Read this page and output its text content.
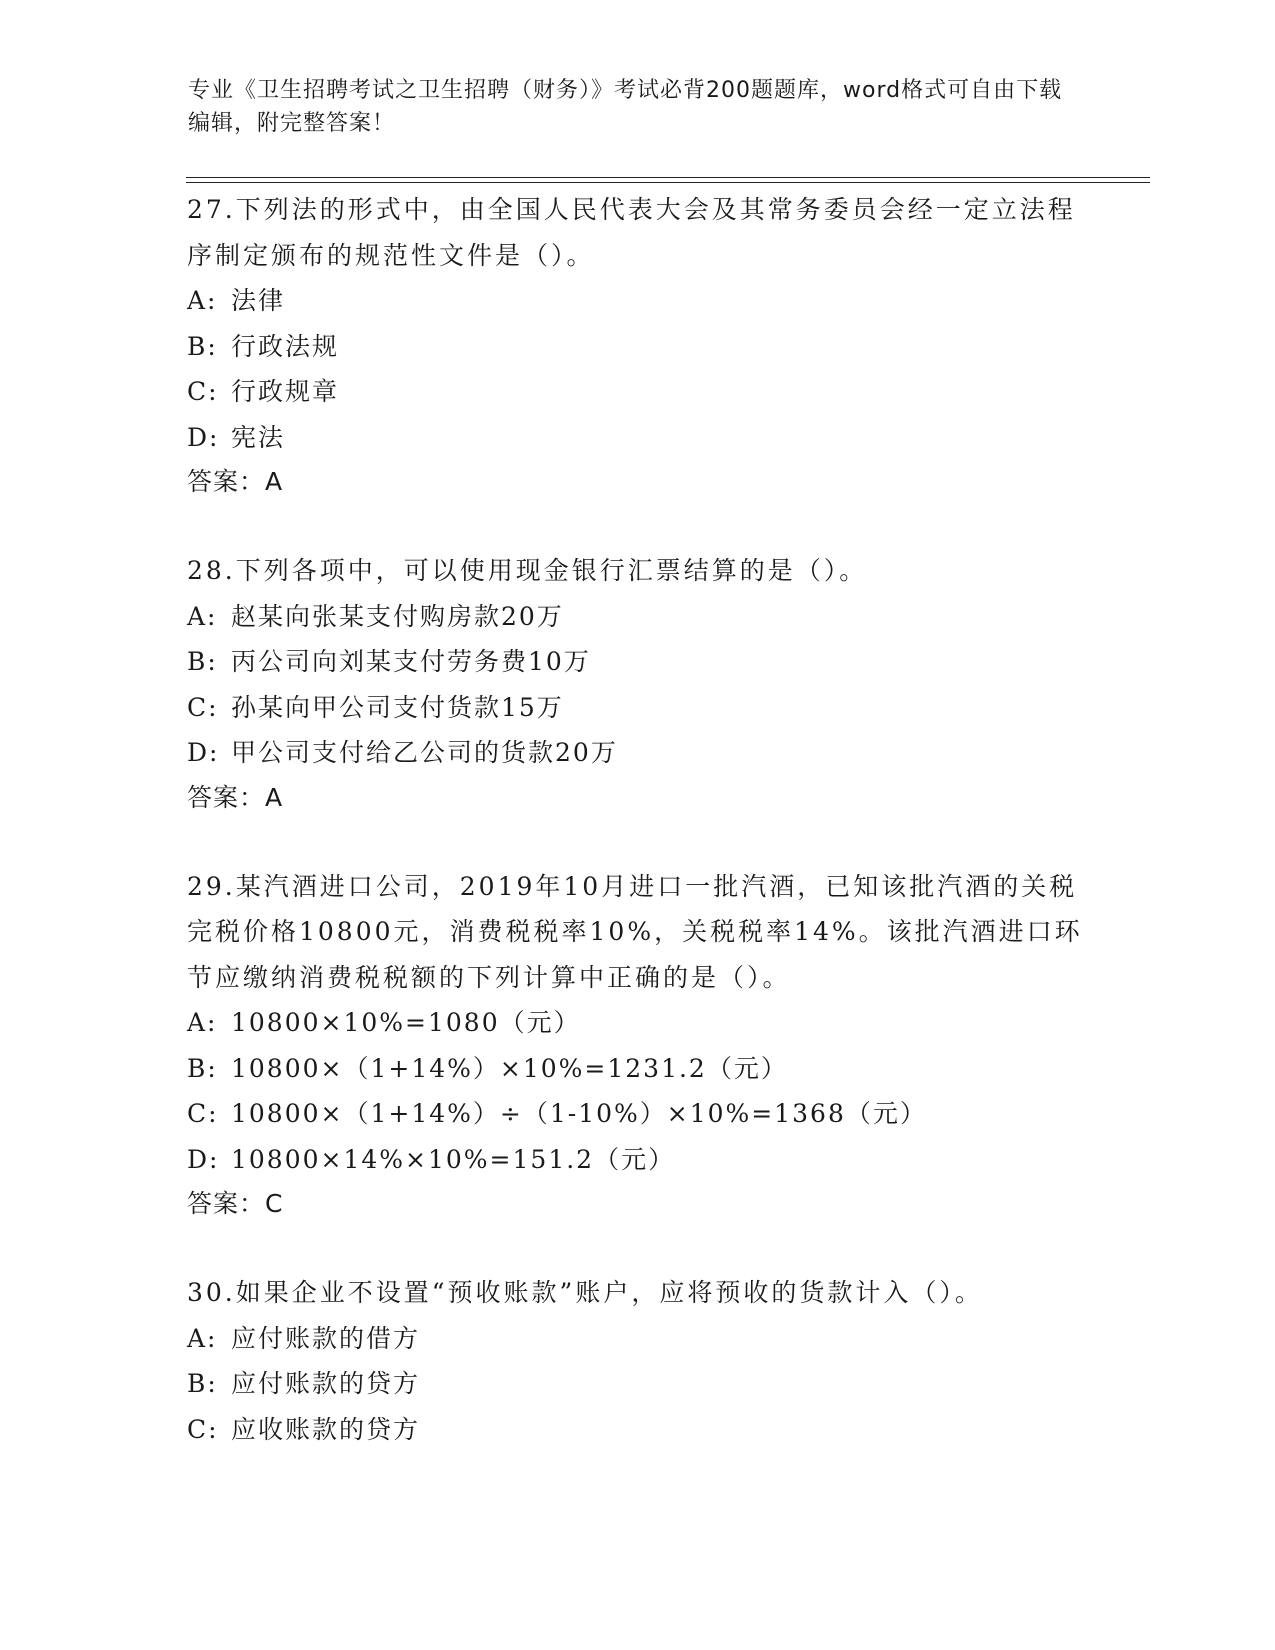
专业《卫生招聘考试之卫生招聘（财务）》考试必背200题题库，word格式可自由下载编辑，附完整答案！
27.下列法的形式中，由全国人民代表大会及其常务委员会经一定立法程序制定颁布的规范性文件是（）。
A: 法律
B: 行政法规
C: 行政规章
D: 宪法
答案：A
28.下列各项中，可以使用现金银行汇票结算的是（）。
A: 赵某向张某支付购房款20万
B: 丙公司向刘某支付劳务费10万
C: 孙某向甲公司支付货款15万
D: 甲公司支付给乙公司的货款20万
答案：A
29.某汽酒进口公司，2019年10月进口一批汽酒，已知该批汽酒的关税完税价格10800元，消费税税率10%，关税税率14%。该批汽酒进口环节应缴纳消费税税额的下列计算中正确的是（）。
A: 10800×10%=1080（元）
B: 10800×（1+14%）×10%=1231.2（元）
C: 10800×（1+14%）÷（1-10%）×10%=1368（元）
D: 10800×14%×10%=151.2（元）
答案：C
30.如果企业不设置“预收账款”账户，应将预收的货款计入（）。
A: 应付账款的借方
B: 应付账款的贷方
C: 应收账款的贷方
